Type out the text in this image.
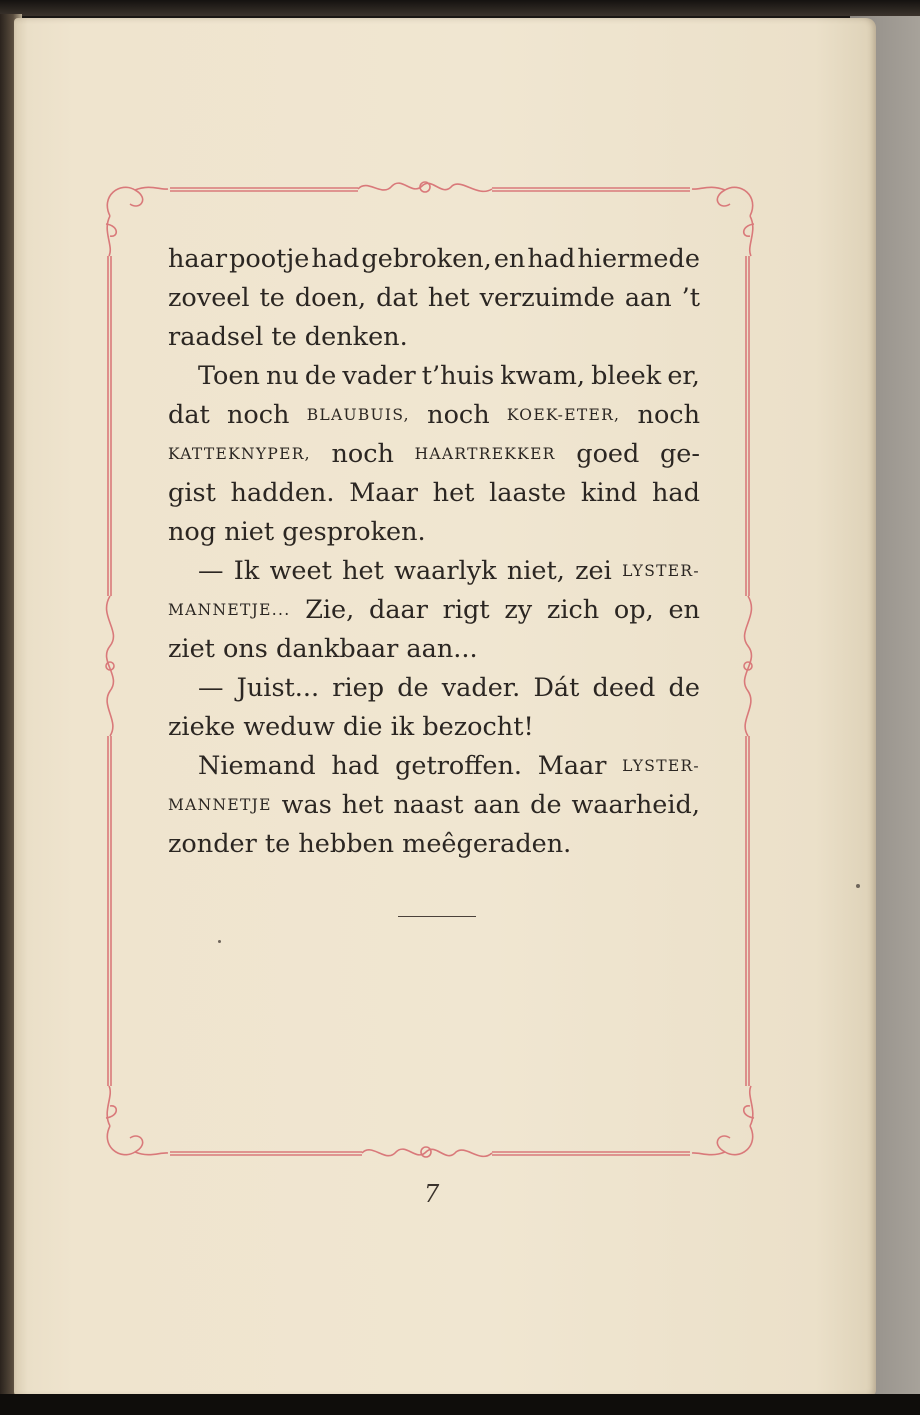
haar pootje had gebroken, en had hiermede
zoveel te doen, dat het verzuimde aan ’t
raadsel te denken.
Toen nu de vader t’huis kwam, bleek er,
dat noch BLAUBUIS, noch KOEK-ETER, noch
KATTEKNYPER, noch HAARTREKKER goed ge-
gist hadden. Maar het laaste kind had
nog niet gesproken.
— Ik weet het waarlyk niet, zei LYSTER-
MANNETJE... Zie, daar rigt zy zich op, en
ziet ons dankbaar aan...
— Juist... riep de vader. Dát deed de
zieke weduw die ik bezocht!
Niemand had getroffen. Maar LYSTER-
MANNETJE was het naast aan de waarheid,
zonder te hebben meêgeraden.
7
